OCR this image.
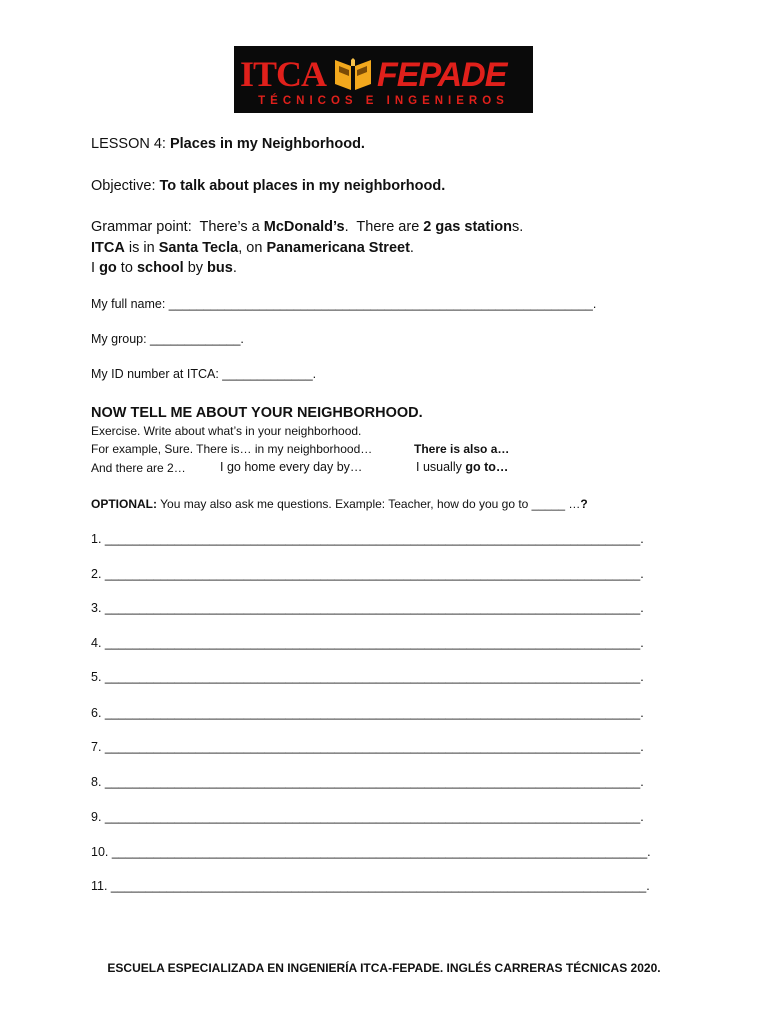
ITCA FEPADE
TÉCNICOS E INGENIEROS
LESSON 4: Places in my Neighborhood.
Objective: To talk about places in my neighborhood.
Grammar point:  There’s a McDonald’s.  There are 2 gas stations.
ITCA is in Santa Tecla, on Panamericana Street.
I go to school by bus.
My full name: _____________________________________________________________.
My group: _____________.
My ID number at ITCA: _____________.
NOW TELL ME ABOUT YOUR NEIGHBORHOOD.
Exercise. Write about what’s in your neighborhood.
For example, Sure. There is… in my neighborhood…	There is also a…
And there are 2…	I go home every day by…	I usually go to…
OPTIONAL: You may also ask me questions. Example: Teacher, how do you go to _____ …?
1. _____________________________________________________________________________.
2. _____________________________________________________________________________.
3. _____________________________________________________________________________.
4. _____________________________________________________________________________.
5. _____________________________________________________________________________.
6. _____________________________________________________________________________.
7. _____________________________________________________________________________.
8. _____________________________________________________________________________.
9. _____________________________________________________________________________.
10. _____________________________________________________________________________.
11. _____________________________________________________________________________.
ESCUELA ESPECIALIZADA EN INGENIERÍA ITCA-FEPADE. INGLÉS CARRERAS TÉCNICAS 2020.
